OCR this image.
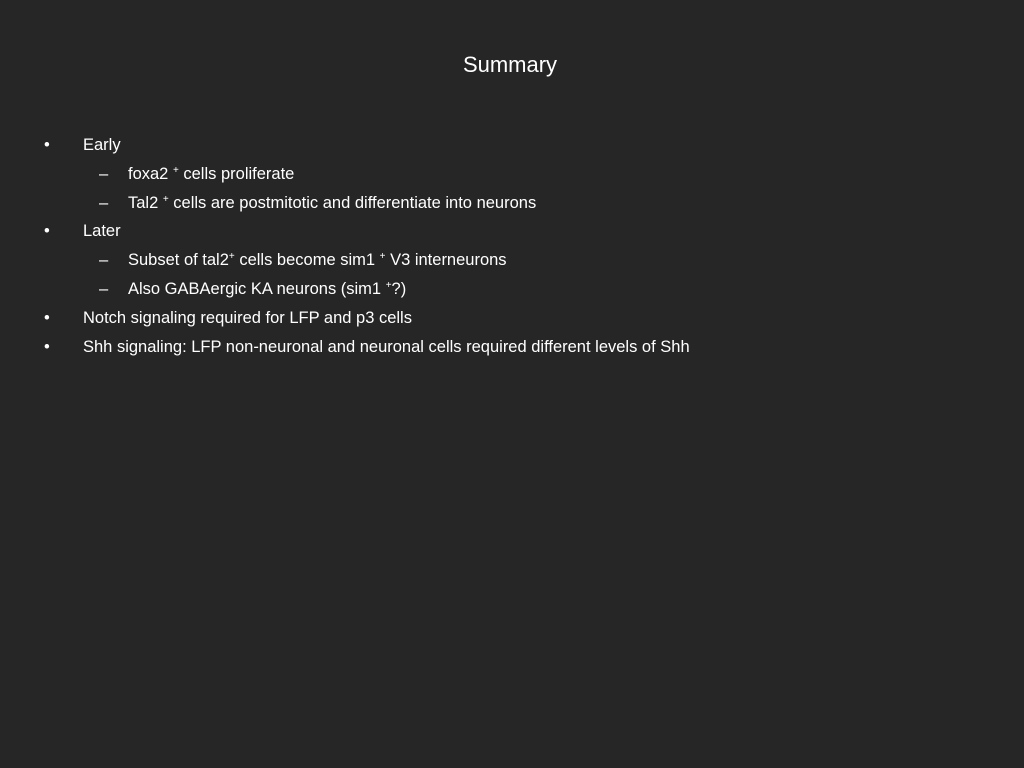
Summary
• Early
– foxa2 + cells proliferate
– Tal2 + cells are postmitotic and differentiate into neurons
• Later
– Subset of tal2+ cells become sim1 + V3 interneurons
– Also GABAergic KA neurons (sim1 +?)
• Notch signaling required for LFP and p3 cells
• Shh signaling: LFP non-neuronal and neuronal cells required different levels of Shh
